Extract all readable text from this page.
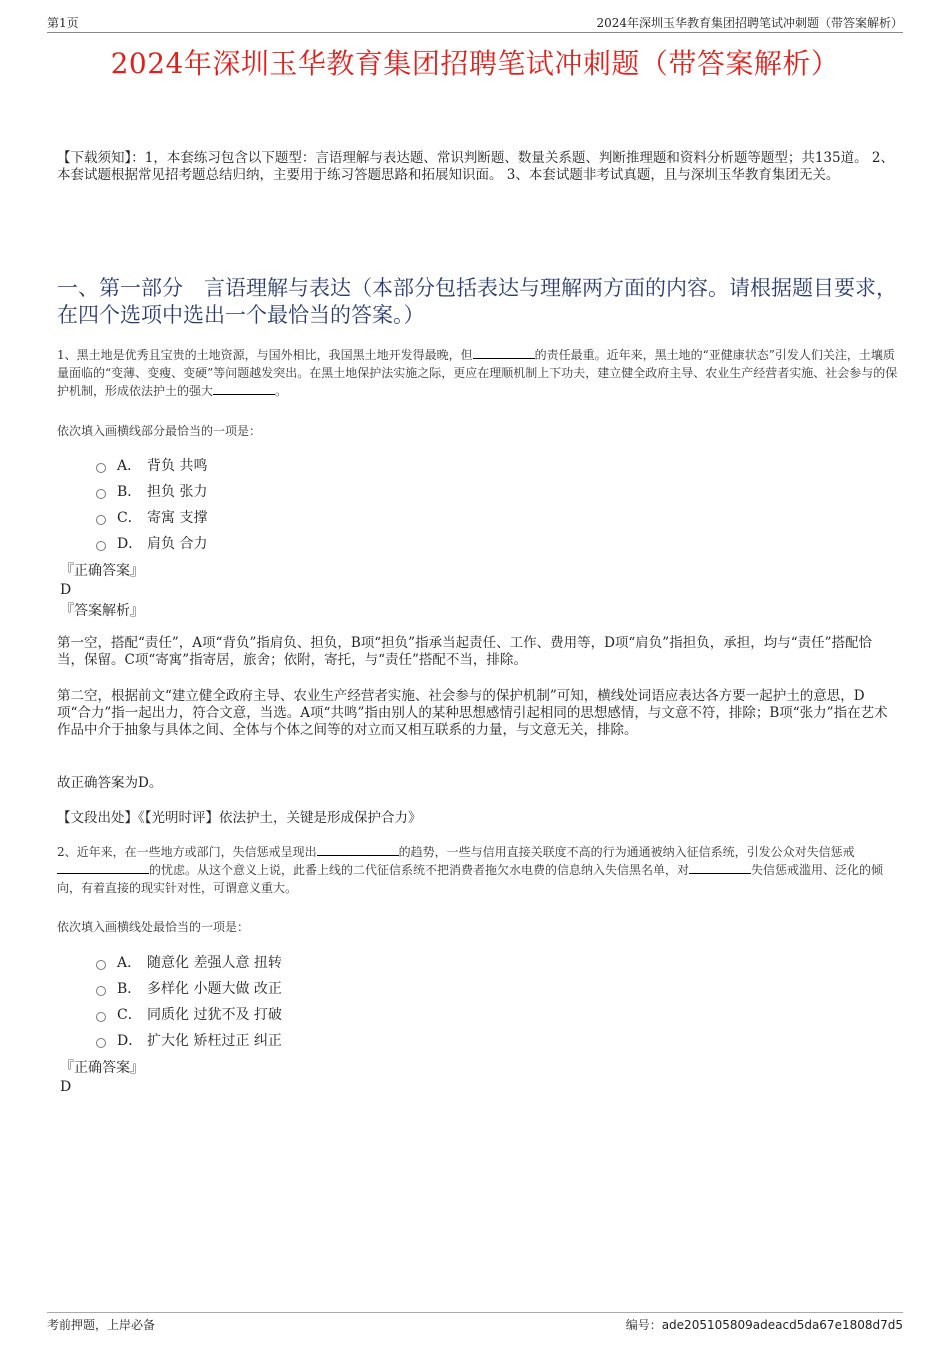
第1页	2024年深圳玉华教育集团招聘笔试冲刺题（带答案解析）
2024年深圳玉华教育集团招聘笔试冲刺题（带答案解析）
【下载须知】：1，本套练习包含以下题型：言语理解与表达题、常识判断题、数量关系题、判断推理题和资料分析题等题型；共135道。 2、本套试题根据常见招考题总结归纳，主要用于练习答题思路和拓展知识面。 3、本套试题非考试真题，且与深圳玉华教育集团无关。
一、第一部分　言语理解与表达（本部分包括表达与理解两方面的内容。请根据题目要求，在四个选项中选出一个最恰当的答案。）
1、黑土地是优秀且宝贵的土地资源，与国外相比，我国黑土地开发得最晚，但	的责任最重。近年来，黑土地的“亚健康状态”引发人们关注，土壤质量面临的“变薄、变瘦、变硬”等问题越发突出。在黑土地保护法实施之际，更应在理顺机制上下功夫，建立健全政府主导、农业生产经营者实施、社会参与的保护机制，形成依法护土的强大	。
依次填入画横线部分最恰当的一项是：
A． 背负 共鸣
B． 担负 张力
C． 寄寓 支撑
D． 肩负 合力
『正确答案』
D
『答案解析』
第一空，搭配“责任”，A项“背负”指肩负、担负，B项“担负”指承当起责任、工作、费用等，D项“肩负”指担负，承担，均与“责任”搭配恰当，保留。C项“寄寓”指寄居，旅舍；依附，寄托，与“责任”搭配不当，排除。
第二空，根据前文“建立健全政府主导、农业生产经营者实施、社会参与的保护机制”可知，横线处词语应表达各方要一起护土的意思，D项“合力”指一起出力，符合文意，当选。A项“共鸣”指由别人的某种思想感情引起相同的思想感情，与文意不符，排除；B项“张力”指在艺术作品中介于抽象与具体之间、全体与个体之间等的对立而又相互联系的力量，与文意无关，排除。
故正确答案为D。
【文段出处】《【光明时评】依法护土，关键是形成保护合力》
2、近年来，在一些地方或部门，失信惩戒呈现出	的趋势，一些与信用直接关联度不高的行为通通被纳入征信系统，引发公众对失信惩戒的忧虑。从这个意义上说，此番上线的二代征信系统不把消费者拖欠水电费的信息纳入失信黑名单，对	失信惩戒滥用、泛化的倾向，有着直接的现实针对性，可谓意义重大。
依次填入画横线处最恰当的一项是：
A． 随意化 差强人意 扭转
B． 多样化 小题大做 改正
C． 同质化 过犹不及 打破
D． 扩大化 矫枉过正 纠正
『正确答案』
D
考前押题，上岸必备	编号：ade205105809adeacd5da67e1808d7d5
